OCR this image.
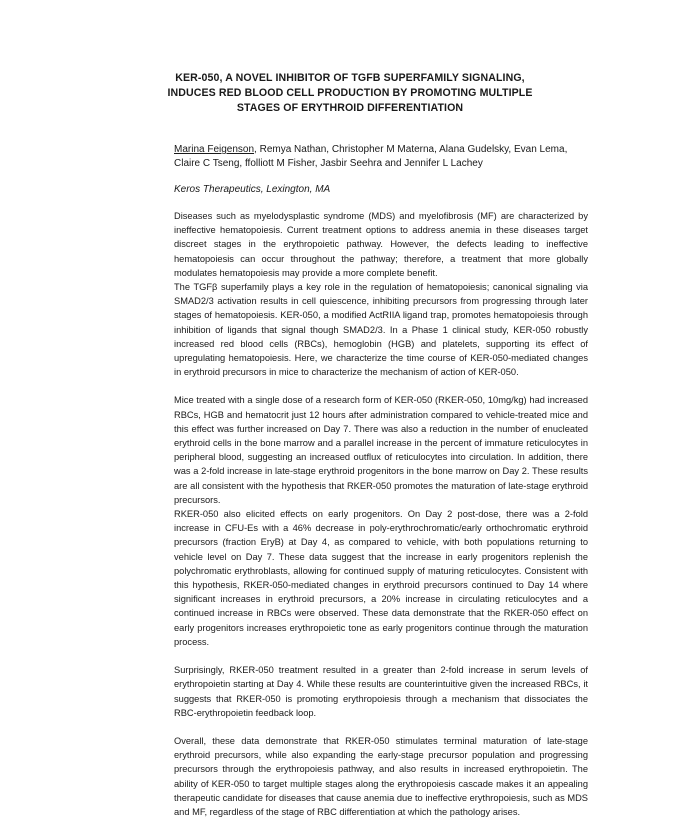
KER-050, A NOVEL INHIBITOR OF TGFB SUPERFAMILY SIGNALING, INDUCES RED BLOOD CELL PRODUCTION BY PROMOTING MULTIPLE STAGES OF ERYTHROID DIFFERENTIATION
Marina Feigenson, Remya Nathan, Christopher M Materna, Alana Gudelsky, Evan Lema, Claire C Tseng, ffolliott M Fisher, Jasbir Seehra and Jennifer L Lachey
Keros Therapeutics, Lexington, MA

Diseases such as myelodysplastic syndrome (MDS) and myelofibrosis (MF) are characterized by ineffective hematopoiesis. Current treatment options to address anemia in these diseases target discreet stages in the erythropoietic pathway. However, the defects leading to ineffective hematopoiesis can occur throughout the pathway; therefore, a treatment that more globally modulates hematopoiesis may provide a more complete benefit.

The TGFβ superfamily plays a key role in the regulation of hematopoiesis; canonical signaling via SMAD2/3 activation results in cell quiescence, inhibiting precursors from progressing through later stages of hematopoiesis. KER-050, a modified ActRIIA ligand trap, promotes hematopoiesis through inhibition of ligands that signal though SMAD2/3. In a Phase 1 clinical study, KER-050 robustly increased red blood cells (RBCs), hemoglobin (HGB) and platelets, supporting its effect of upregulating hematopoiesis. Here, we characterize the time course of KER-050-mediated changes in erythroid precursors in mice to characterize the mechanism of action of KER-050.

Mice treated with a single dose of a research form of KER-050 (RKER-050, 10mg/kg) had increased RBCs, HGB and hematocrit just 12 hours after administration compared to vehicle-treated mice and this effect was further increased on Day 7. There was also a reduction in the number of enucleated erythroid cells in the bone marrow and a parallel increase in the percent of immature reticulocytes in peripheral blood, suggesting an increased outflux of reticulocytes into circulation. In addition, there was a 2-fold increase in late-stage erythroid progenitors in the bone marrow on Day 2. These results are all consistent with the hypothesis that RKER-050 promotes the maturation of late-stage erythroid precursors.

RKER-050 also elicited effects on early progenitors. On Day 2 post-dose, there was a 2-fold increase in CFU-Es with a 46% decrease in poly-erythrochromatic/early orthochromatic erythroid precursors (fraction EryB) at Day 4, as compared to vehicle, with both populations returning to vehicle level on Day 7. These data suggest that the increase in early progenitors replenish the polychromatic erythroblasts, allowing for continued supply of maturing reticulocytes. Consistent with this hypothesis, RKER-050-mediated changes in erythroid precursors continued to Day 14 where significant increases in erythroid precursors, a 20% increase in circulating reticulocytes and a continued increase in RBCs were observed. These data demonstrate that the RKER-050 effect on early progenitors increases erythropoietic tone as early progenitors continue through the maturation process.

Surprisingly, RKER-050 treatment resulted in a greater than 2-fold increase in serum levels of erythropoietin starting at Day 4. While these results are counterintuitive given the increased RBCs, it suggests that RKER-050 is promoting erythropoiesis through a mechanism that dissociates the RBC-erythropoietin feedback loop.

Overall, these data demonstrate that RKER-050 stimulates terminal maturation of late-stage erythroid precursors, while also expanding the early-stage precursor population and progressing precursors through the erythropoiesis pathway, and also results in increased erythropoietin. The ability of KER-050 to target multiple stages along the erythropoiesis cascade makes it an appealing therapeutic candidate for diseases that cause anemia due to ineffective erythropoiesis, such as MDS and MF, regardless of the stage of RBC differentiation at which the pathology arises.
